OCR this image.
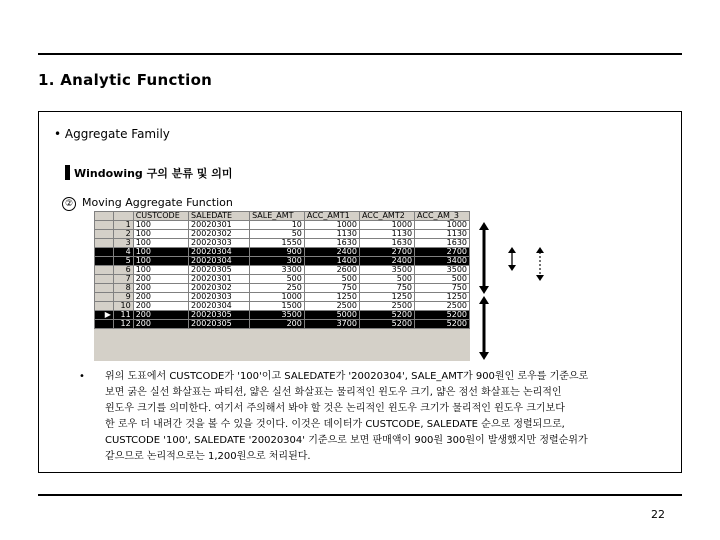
1. Analytic Function
• Aggregate Family
Windowing 구의 분류 및 의미
② Moving Aggregate Function
		CUSTCODE	SALEDATE	SALE_AMT	ACC_AMT1	ACC_AMT2	ACC_AM_3
	1	100	20020301	10	1000	1000	1000
	2	100	20020302	50	1130	1130	1130
	3	100	20020303	1550	1630	1630	1630
	4	100	20020304	900	2400	2700	2700
	5	100	20020304	300	1400	2400	3400
	6	100	20020305	3300	2600	3500	3500
	7	200	20020301	500	500	500	500
	8	200	20020302	250	750	750	750
	9	200	20020303	1000	1250	1250	1250
	10	200	20020304	1500	2500	2500	2500
▶	11	200	20020305	3500	5000	5200	5200
	12	200	20020305	200	3700	5200	5200

• 위의 도표에서 CUSTCODE가 '100'이고 SALEDATE가 '20020304', SALE_AMT가 900원인 로우를 기준으로

보면 굵은 실선 화살표는 파티션, 얇은 실선 화살표는 물리적인 윈도우 크기, 얇은 점선 화살표는 논리적인

윈도우 크기를 의미한다. 여기서 주의해서 봐야 할 것은 논리적인 윈도우 크기가 물리적인 윈도우 크기보다

한 로우 더 내려간 것을 볼 수 있을 것이다. 이것은 데이터가 CUSTCODE, SALEDATE 순으로 정렬되므로,

CUSTCODE '100', SALEDATE '20020304' 기준으로 보면 판매액이 900원 300원이 발생했지만 정렬순위가

같으므로 논리적으로는 1,200원으로 처리된다.

22
